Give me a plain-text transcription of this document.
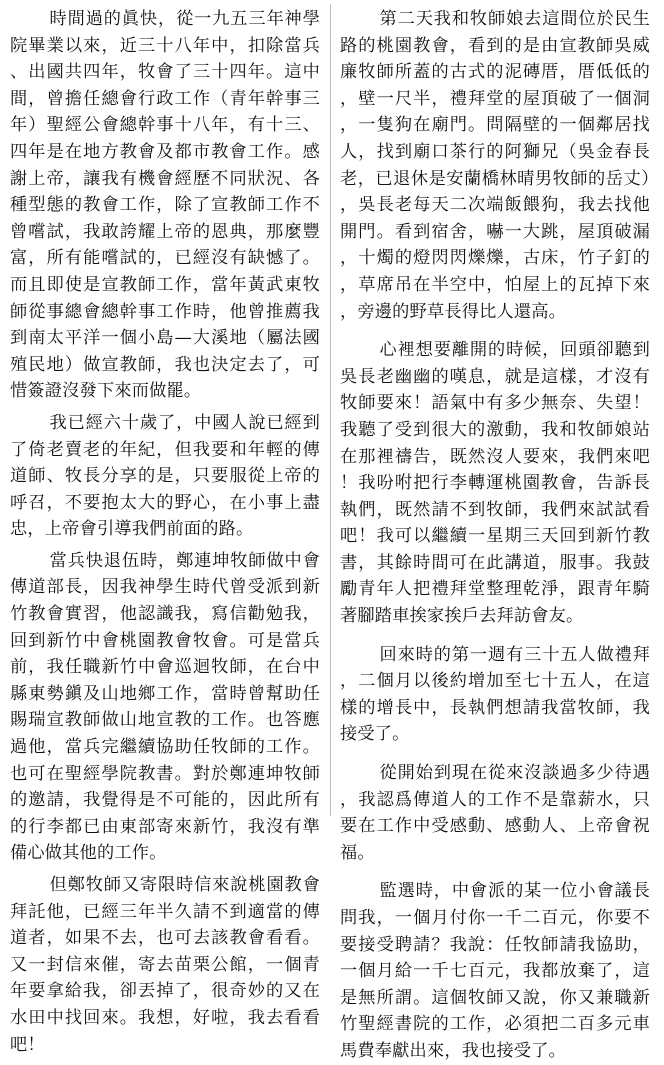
時間過的眞快，從一九五三年神學院畢業以來，近三十八年中，扣除當兵、出國共四年，牧會了三十四年。這中間，曾擔任總會行政工作（青年幹事三年）聖經公會總幹事十八年，有十三、四年是在地方教會及都市教會工作。感謝上帝，讓我有機會經歷不同狀況、各種型態的教會工作，除了宣教師工作不曾嚐試，我敢誇耀上帝的恩典，那麼豐富，所有能嚐試的，已經沒有缺憾了。而且即使是宣教師工作，當年黃武東牧師從事總會總幹事工作時，他曾推薦我到南太平洋一個小島—大溪地（屬法國殖民地）做宣教師，我也決定去了，可惜簽證沒發下來而做罷。

我已經六十歲了，中國人說已經到了倚老賣老的年紀，但我要和年輕的傳道師、牧長分享的是，只要服從上帝的呼召，不要抱太大的野心，在小事上盡忠，上帝會引導我們前面的路。

當兵快退伍時，鄭連坤牧師做中會傳道部長，因我神學生時代曾受派到新竹教會實習，他認識我，寫信勸勉我，回到新竹中會桃園教會牧會。可是當兵前，我任職新竹中會巡迴牧師，在台中縣東勢鎭及山地鄉工作，當時曾幫助任賜瑞宣教師做山地宣教的工作。也答應過他，當兵完繼續協助任牧師的工作。也可在聖經學院教書。對於鄭連坤牧師的邀請，我覺得是不可能的，因此所有的行李都已由東部寄來新竹，我沒有準備心做其他的工作。

但鄭牧師又寄限時信來說桃園教會拜託他，已經三年半久請不到適當的傳道者，如果不去，也可去該教會看看。又一封信來催，寄去苗栗公館，一個青年要拿給我，卻丟掉了，很奇妙的又在水田中找回來。我想，好啦，我去看看吧！

第二天我和牧師娘去這間位於民生路的桃園教會，看到的是由宣教師吳威廉牧師所蓋的古式的泥磚厝，厝低低的，壁一尺半，禮拜堂的屋頂破了一個洞，一隻狗在廟門。問隔壁的一個鄰居找人，找到廟口茶行的阿獅兄（吳金春長老，已退休是安蘭橋林晴男牧師的岳丈），吳長老每天二次端飯餵狗，我去找他開門。看到宿舍，嚇一大跳，屋頂破漏，十燭的燈閃閃爍爍，古床，竹子釘的，草席吊在半空中，怕屋上的瓦掉下來，旁邊的野草長得比人還高。

心裡想要離開的時候，回頭卻聽到吳長老幽幽的嘆息，就是這樣，才沒有牧師要來！語氣中有多少無奈、失望！我聽了受到很大的激動，我和牧師娘站在那裡禱告，既然沒人要來，我們來吧！我吩咐把行李轉運桃園教會，告訴長執們，既然請不到牧師，我們來試試看吧！我可以繼續一星期三天回到新竹教書，其餘時間可在此講道，服事。我鼓勵青年人把禮拜堂整理乾淨，跟青年騎著腳踏車挨家挨戶去拜訪會友。

回來時的第一週有三十五人做禮拜，二個月以後約增加至七十五人，在這樣的增長中，長執們想請我當牧師，我接受了。

從開始到現在從來沒談過多少待遇，我認爲傳道人的工作不是靠薪水，只要在工作中受感動、感動人、上帝會祝福。

監選時，中會派的某一位小會議長問我，一個月付你一千二百元，你要不要接受聘請？我說：任牧師請我協助，一個月給一千七百元，我都放棄了，這是無所謂。這個牧師又說，你又兼職新竹聖經書院的工作，必須把二百多元車馬費奉獻出來，我也接受了。
